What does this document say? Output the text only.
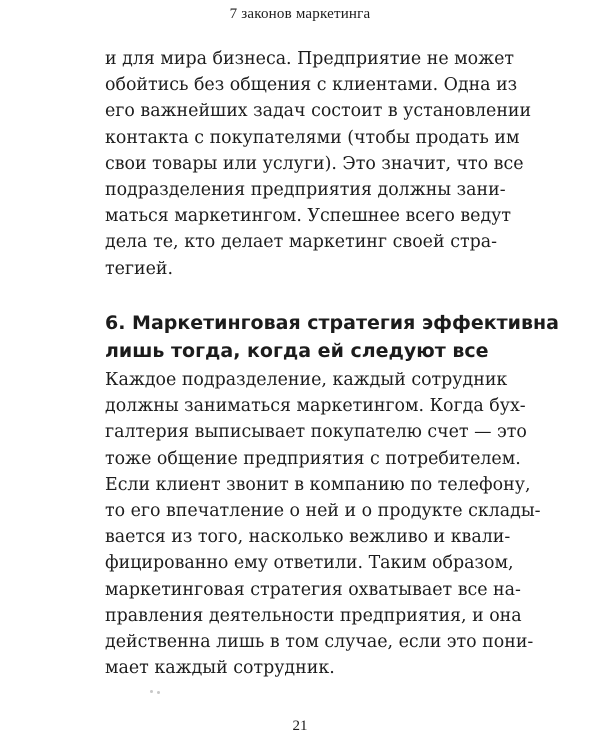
7 законов маркетинга
и для мира бизнеса. Предприятие не может
обойтись без общения с клиентами. Одна из
его важнейших задач состоит в установлении
контакта с покупателями (чтобы продать им
свои товары или услуги). Это значит, что все
подразделения предприятия должны зани-
маться маркетингом. Успешнее всего ведут
дела те, кто делает маркетинг своей стра-
тегией.
6. Маркетинговая стратегия эффективна
лишь тогда, когда ей следуют все
Каждое подразделение, каждый сотрудник
должны заниматься маркетингом. Когда бух-
галтерия выписывает покупателю счет — это
тоже общение предприятия с потребителем.
Если клиент звонит в компанию по телефону,
то его впечатление о ней и о продукте склады-
вается из того, насколько вежливо и квали-
фицированно ему ответили. Таким образом,
маркетинговая стратегия охватывает все на-
правления деятельности предприятия, и она
действенна лишь в том случае, если это пони-
мает каждый сотрудник.
21
